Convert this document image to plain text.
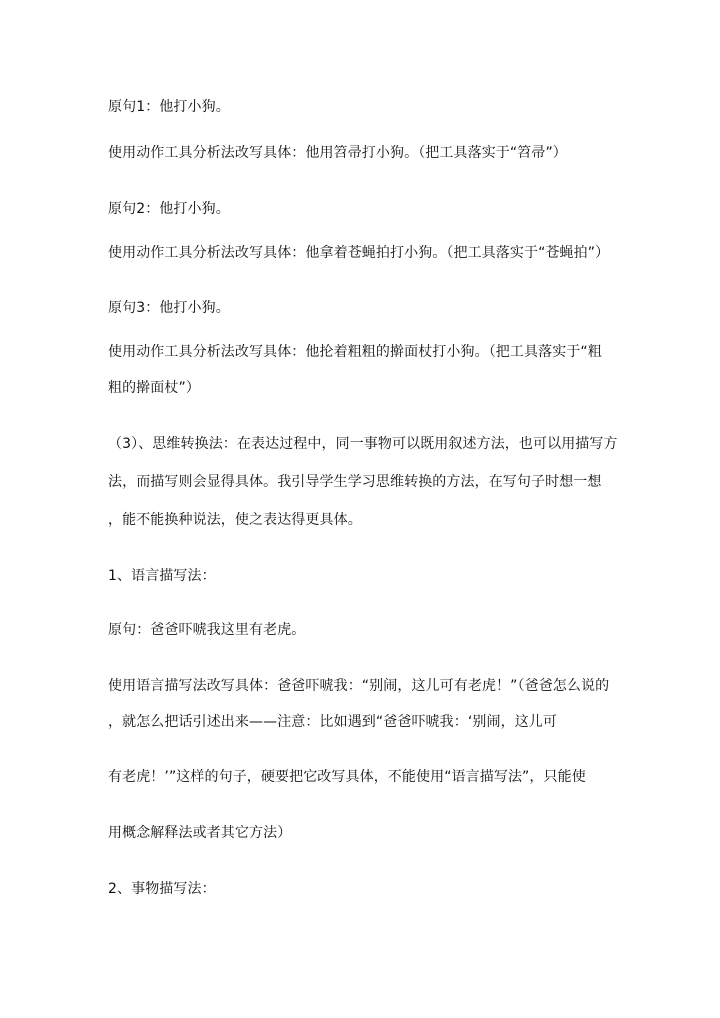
原句1：他打小狗。
使用动作工具分析法改写具体：他用笤帚打小狗。（把工具落实于“笤帚”）
原句2：他打小狗。
使用动作工具分析法改写具体：他拿着苍蝇拍打小狗。（把工具落实于“苍蝇拍”）
原句3：他打小狗。
使用动作工具分析法改写具体：他抡着粗粗的擀面杖打小狗。（把工具落实于“粗
粗的擀面杖”）
（3）、思维转换法：在表达过程中，同一事物可以既用叙述方法，也可以用描写方
法，而描写则会显得具体。我引导学生学习思维转换的方法，在写句子时想一想
，能不能换种说法，使之表达得更具体。
1、语言描写法：
原句：爸爸吓唬我这里有老虎。
使用语言描写法改写具体：爸爸吓唬我：“别闹，这儿可有老虎！”（爸爸怎么说的
，就怎么把话引述出来——注意：比如遇到“爸爸吓唬我：‘别闹，这儿可
有老虎！’”这样的句子，硬要把它改写具体，不能使用“语言描写法”，只能使
用概念解释法或者其它方法）
2、事物描写法：
